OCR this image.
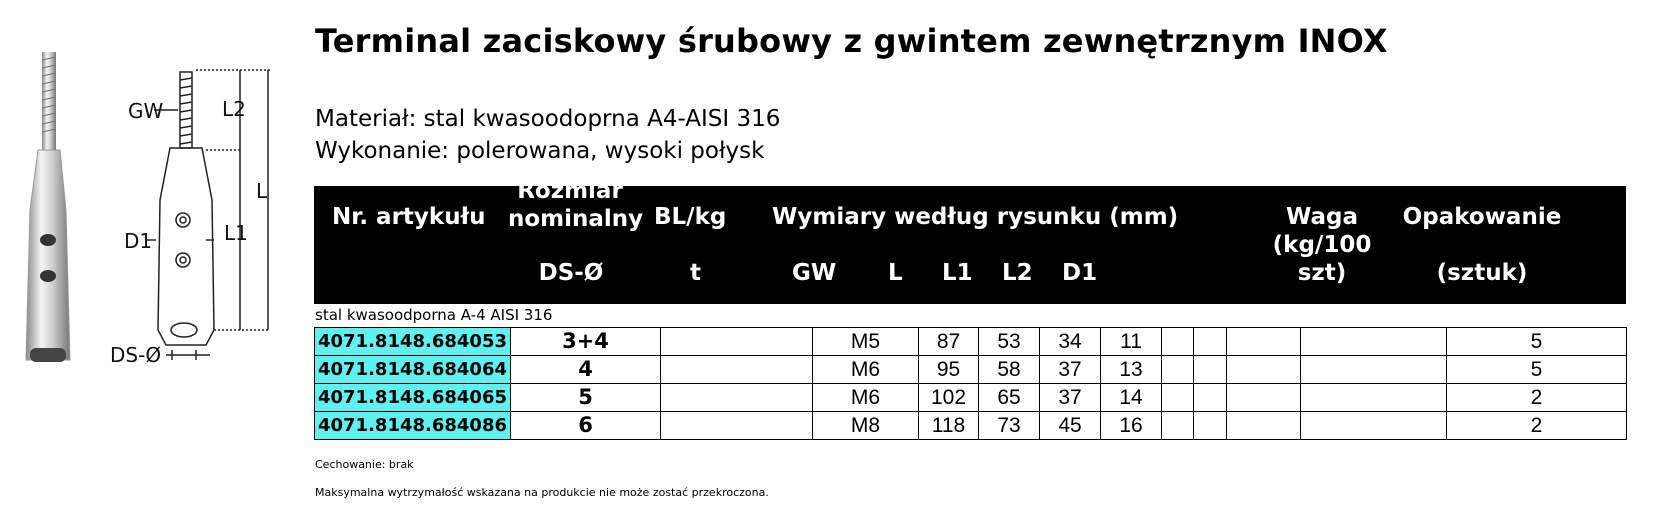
GW	L2
L
D1	L1
DS-Ø
Terminal zaciskowy śrubowy z gwintem zewnętrznym INOX
Materiał: stal kwasoodoprna A4-AISI 316
Wykonanie: polerowana, wysoki połysk
Nr. artykułu
Rozmiar
nominalny
DS-Ø
BL/kg
t
Wymiary według rysunku (mm)
GW L L1 L2 D1
Waga
(kg/100
szt)
Opakowanie
(sztuk)
stal kwasoodporna A-4 AISI 316
4071.8148.684053	3+4		M5	87	53	34	11					5
4071.8148.684064	4		M6	95	58	37	13					5
4071.8148.684065	5		M6	102	65	37	14					2
4071.8148.684086	6		M8	118	73	45	16					2
Cechowanie: brak
Maksymalna wytrzymałość wskazana na produkcie nie może zostać przekroczona.
